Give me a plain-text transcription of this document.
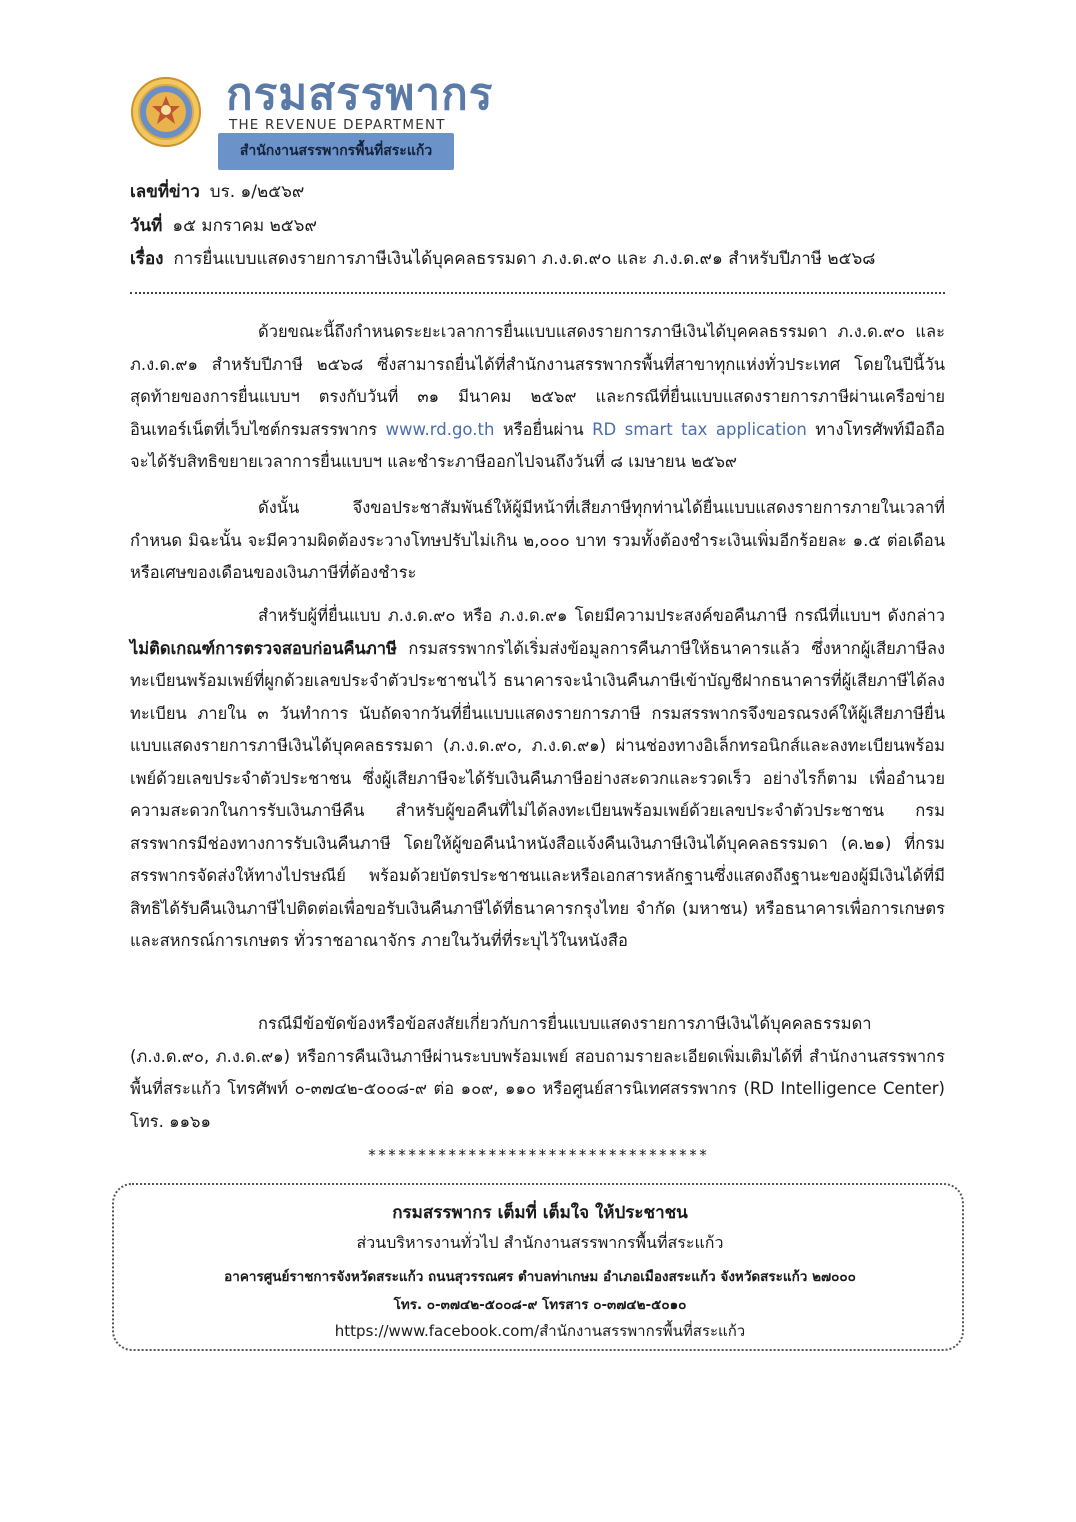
กรมสรรพากร
THE REVENUE DEPARTMENT
สำนักงานสรรพากรพื้นที่สระแก้ว
เลขที่ข่าว บร. ๑/๒๕๖๙
วันที่ ๑๕ มกราคม ๒๕๖๙
เรื่อง การยื่นแบบแสดงรายการภาษีเงินได้บุคคลธรรมดา ภ.ง.ด.๙๐ และ ภ.ง.ด.๙๑ สำหรับปีภาษี ๒๕๖๘

ด้วยขณะนี้ถึงกำหนดระยะเวลาการยื่นแบบแสดงรายการภาษีเงินได้บุคคลธรรมดา ภ.ง.ด.๙๐ และ ภ.ง.ด.๙๑ สำหรับปีภาษี ๒๕๖๘ ซึ่งสามารถยื่นได้ที่สำนักงานสรรพากรพื้นที่สาขาทุกแห่งทั่วประเทศ โดยในปีนี้วันสุดท้ายของการยื่นแบบฯ ตรงกับวันที่ ๓๑ มีนาคม ๒๕๖๙ และกรณีที่ยื่นแบบแสดงรายการภาษีผ่านเครือข่ายอินเทอร์เน็ตที่เว็บไซต์กรมสรรพากร www.rd.go.th หรือยื่นผ่าน RD smart tax application ทางโทรศัพท์มือถือ จะได้รับสิทธิขยายเวลาการยื่นแบบฯ และชำระภาษีออกไปจนถึงวันที่ ๘ เมษายน ๒๕๖๙

ดังนั้น จึงขอประชาสัมพันธ์ให้ผู้มีหน้าที่เสียภาษีทุกท่านได้ยื่นแบบแสดงรายการภายในเวลาที่กำหนด มิฉะนั้น จะมีความผิดต้องระวางโทษปรับไม่เกิน ๒,๐๐๐ บาท รวมทั้งต้องชำระเงินเพิ่มอีกร้อยละ ๑.๕ ต่อเดือนหรือเศษของเดือนของเงินภาษีที่ต้องชำระ

สำหรับผู้ที่ยื่นแบบ ภ.ง.ด.๙๐ หรือ ภ.ง.ด.๙๑ โดยมีความประสงค์ขอคืนภาษี กรณีที่แบบฯ ดังกล่าว ไม่ติดเกณฑ์การตรวจสอบก่อนคืนภาษี กรมสรรพากรได้เริ่มส่งข้อมูลการคืนภาษีให้ธนาคารแล้ว ซึ่งหากผู้เสียภาษีลงทะเบียนพร้อมเพย์ที่ผูกด้วยเลขประจำตัวประชาชนไว้ ธนาคารจะนำเงินคืนภาษีเข้าบัญชีฝากธนาคารที่ผู้เสียภาษีได้ลงทะเบียน ภายใน ๓ วันทำการ นับถัดจากวันที่ยื่นแบบแสดงรายการภาษี กรมสรรพากรจึงขอรณรงค์ให้ผู้เสียภาษียื่นแบบแสดงรายการภาษีเงินได้บุคคลธรรมดา (ภ.ง.ด.๙๐, ภ.ง.ด.๙๑) ผ่านช่องทางอิเล็กทรอนิกส์และลงทะเบียนพร้อมเพย์ด้วยเลขประจำตัวประชาชน ซึ่งผู้เสียภาษีจะได้รับเงินคืนภาษีอย่างสะดวกและรวดเร็ว อย่างไรก็ตาม เพื่ออำนวยความสะดวกในการรับเงินภาษีคืน สำหรับผู้ขอคืนที่ไม่ได้ลงทะเบียนพร้อมเพย์ด้วยเลขประจำตัวประชาชน กรมสรรพากรมีช่องทางการรับเงินคืนภาษี โดยให้ผู้ขอคืนนำหนังสือแจ้งคืนเงินภาษีเงินได้บุคคลธรรมดา (ค.๒๑) ที่กรมสรรพากรจัดส่งให้ทางไปรษณีย์ พร้อมด้วยบัตรประชาชนและหรือเอกสารหลักฐานซึ่งแสดงถึงฐานะของผู้มีเงินได้ที่มีสิทธิได้รับคืนเงินภาษีไปติดต่อเพื่อขอรับเงินคืนภาษีได้ที่ธนาคารกรุงไทย จำกัด (มหาชน) หรือธนาคารเพื่อการเกษตรและสหกรณ์การเกษตร ทั่วราชอาณาจักร ภายในวันที่ที่ระบุไว้ในหนังสือ

กรณีมีข้อขัดข้องหรือข้อสงสัยเกี่ยวกับการยื่นแบบแสดงรายการภาษีเงินได้บุคคลธรรมดา (ภ.ง.ด.๙๐, ภ.ง.ด.๙๑) หรือการคืนเงินภาษีผ่านระบบพร้อมเพย์ สอบถามรายละเอียดเพิ่มเติมได้ที่ สำนักงานสรรพากรพื้นที่สระแก้ว โทรศัพท์ ๐-๓๗๔๒-๕๐๐๘-๙ ต่อ ๑๐๙, ๑๑๐ หรือศูนย์สารนิเทศสรรพากร (RD Intelligence Center) โทร. ๑๑๖๑

**********************************
กรมสรรพากร เต็มที่ เต็มใจ ให้ประชาชน
ส่วนบริหารงานทั่วไป สำนักงานสรรพากรพื้นที่สระแก้ว
อาคารศูนย์ราชการจังหวัดสระแก้ว ถนนสุวรรณศร ตำบลท่าเกษม อำเภอเมืองสระแก้ว จังหวัดสระแก้ว ๒๗๐๐๐
โทร. ๐-๓๗๔๒-๕๐๐๘-๙ โทรสาร ๐-๓๗๔๒-๕๐๑๐
https://www.facebook.com/สำนักงานสรรพากรพื้นที่สระแก้ว
